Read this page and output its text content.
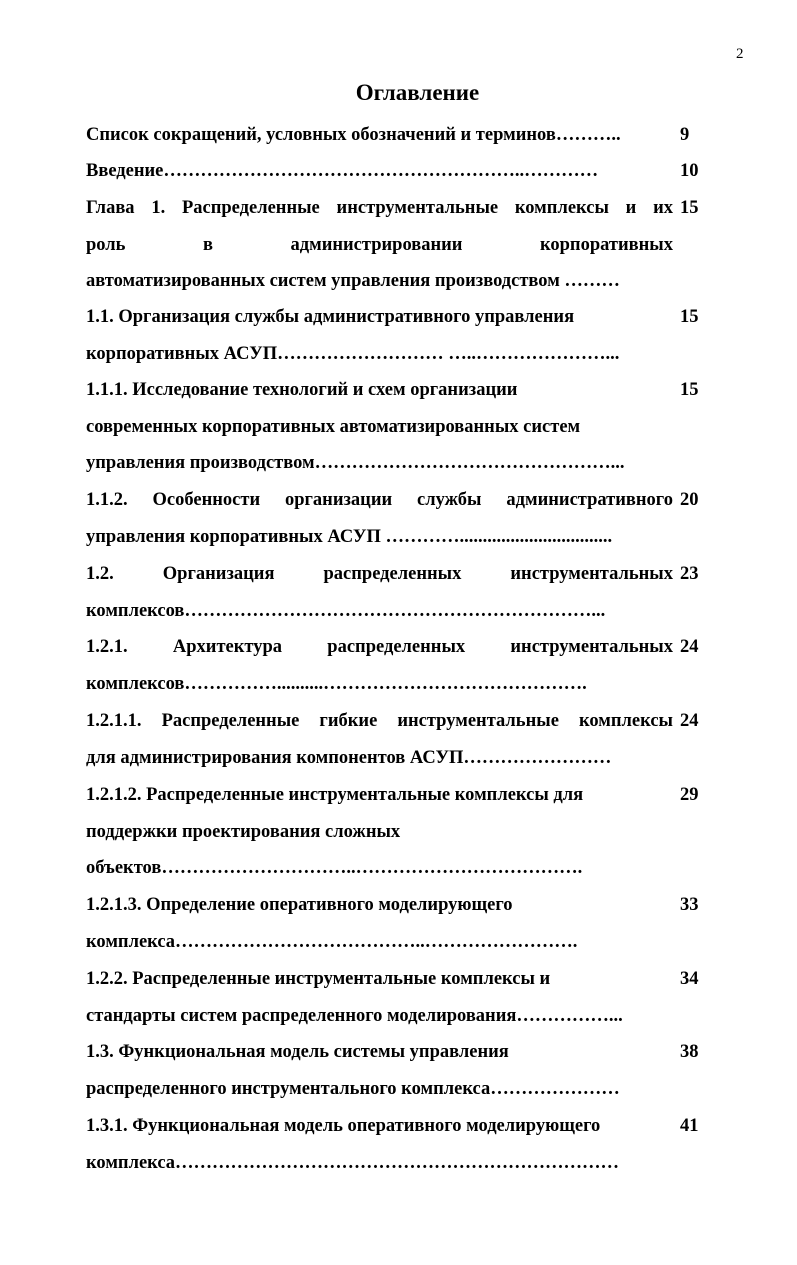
2
Оглавление
Список сокращений, условных обозначений и терминов………..	9
Введение…………………………………………………..…………	10
Глава 1. Распределенные инструментальные комплексы и их
роль в администрировании корпоративных
автоматизированных систем управления производством ………
15
1.1. Организация службы административного управления
корпоративных АСУП……………………… …..…………………...
15
1.1.1. Исследование технологий и схем организации
современных корпоративных автоматизированных систем
управления производством…………………………………………...
15
1.1.2. Особенности организации службы административного
управления корпоративных АСУП ………….................................
20
1.2. Организация распределенных инструментальных
комплексов…………………………………………………………...
23
1.2.1. Архитектура распределенных инструментальных
комплексов……………..........…………………………………….
24
1.2.1.1. Распределенные гибкие инструментальные комплексы
для администрирования компонентов АСУП……………………
24
1.2.1.2. Распределенные инструментальные комплексы для
поддержки проектирования сложных
объектов…………………………..……………………………….
29
1.2.1.3. Определение оперативного моделирующего
комплекса…………………………………..…………………….
33
1.2.2. Распределенные инструментальные комплексы и
стандарты систем распределенного моделирования……………...
34
1.3. Функциональная модель системы управления
распределенного инструментального комплекса…………………
38
1.3.1. Функциональная модель оперативного моделирующего
комплекса………………………………………………………………
41
